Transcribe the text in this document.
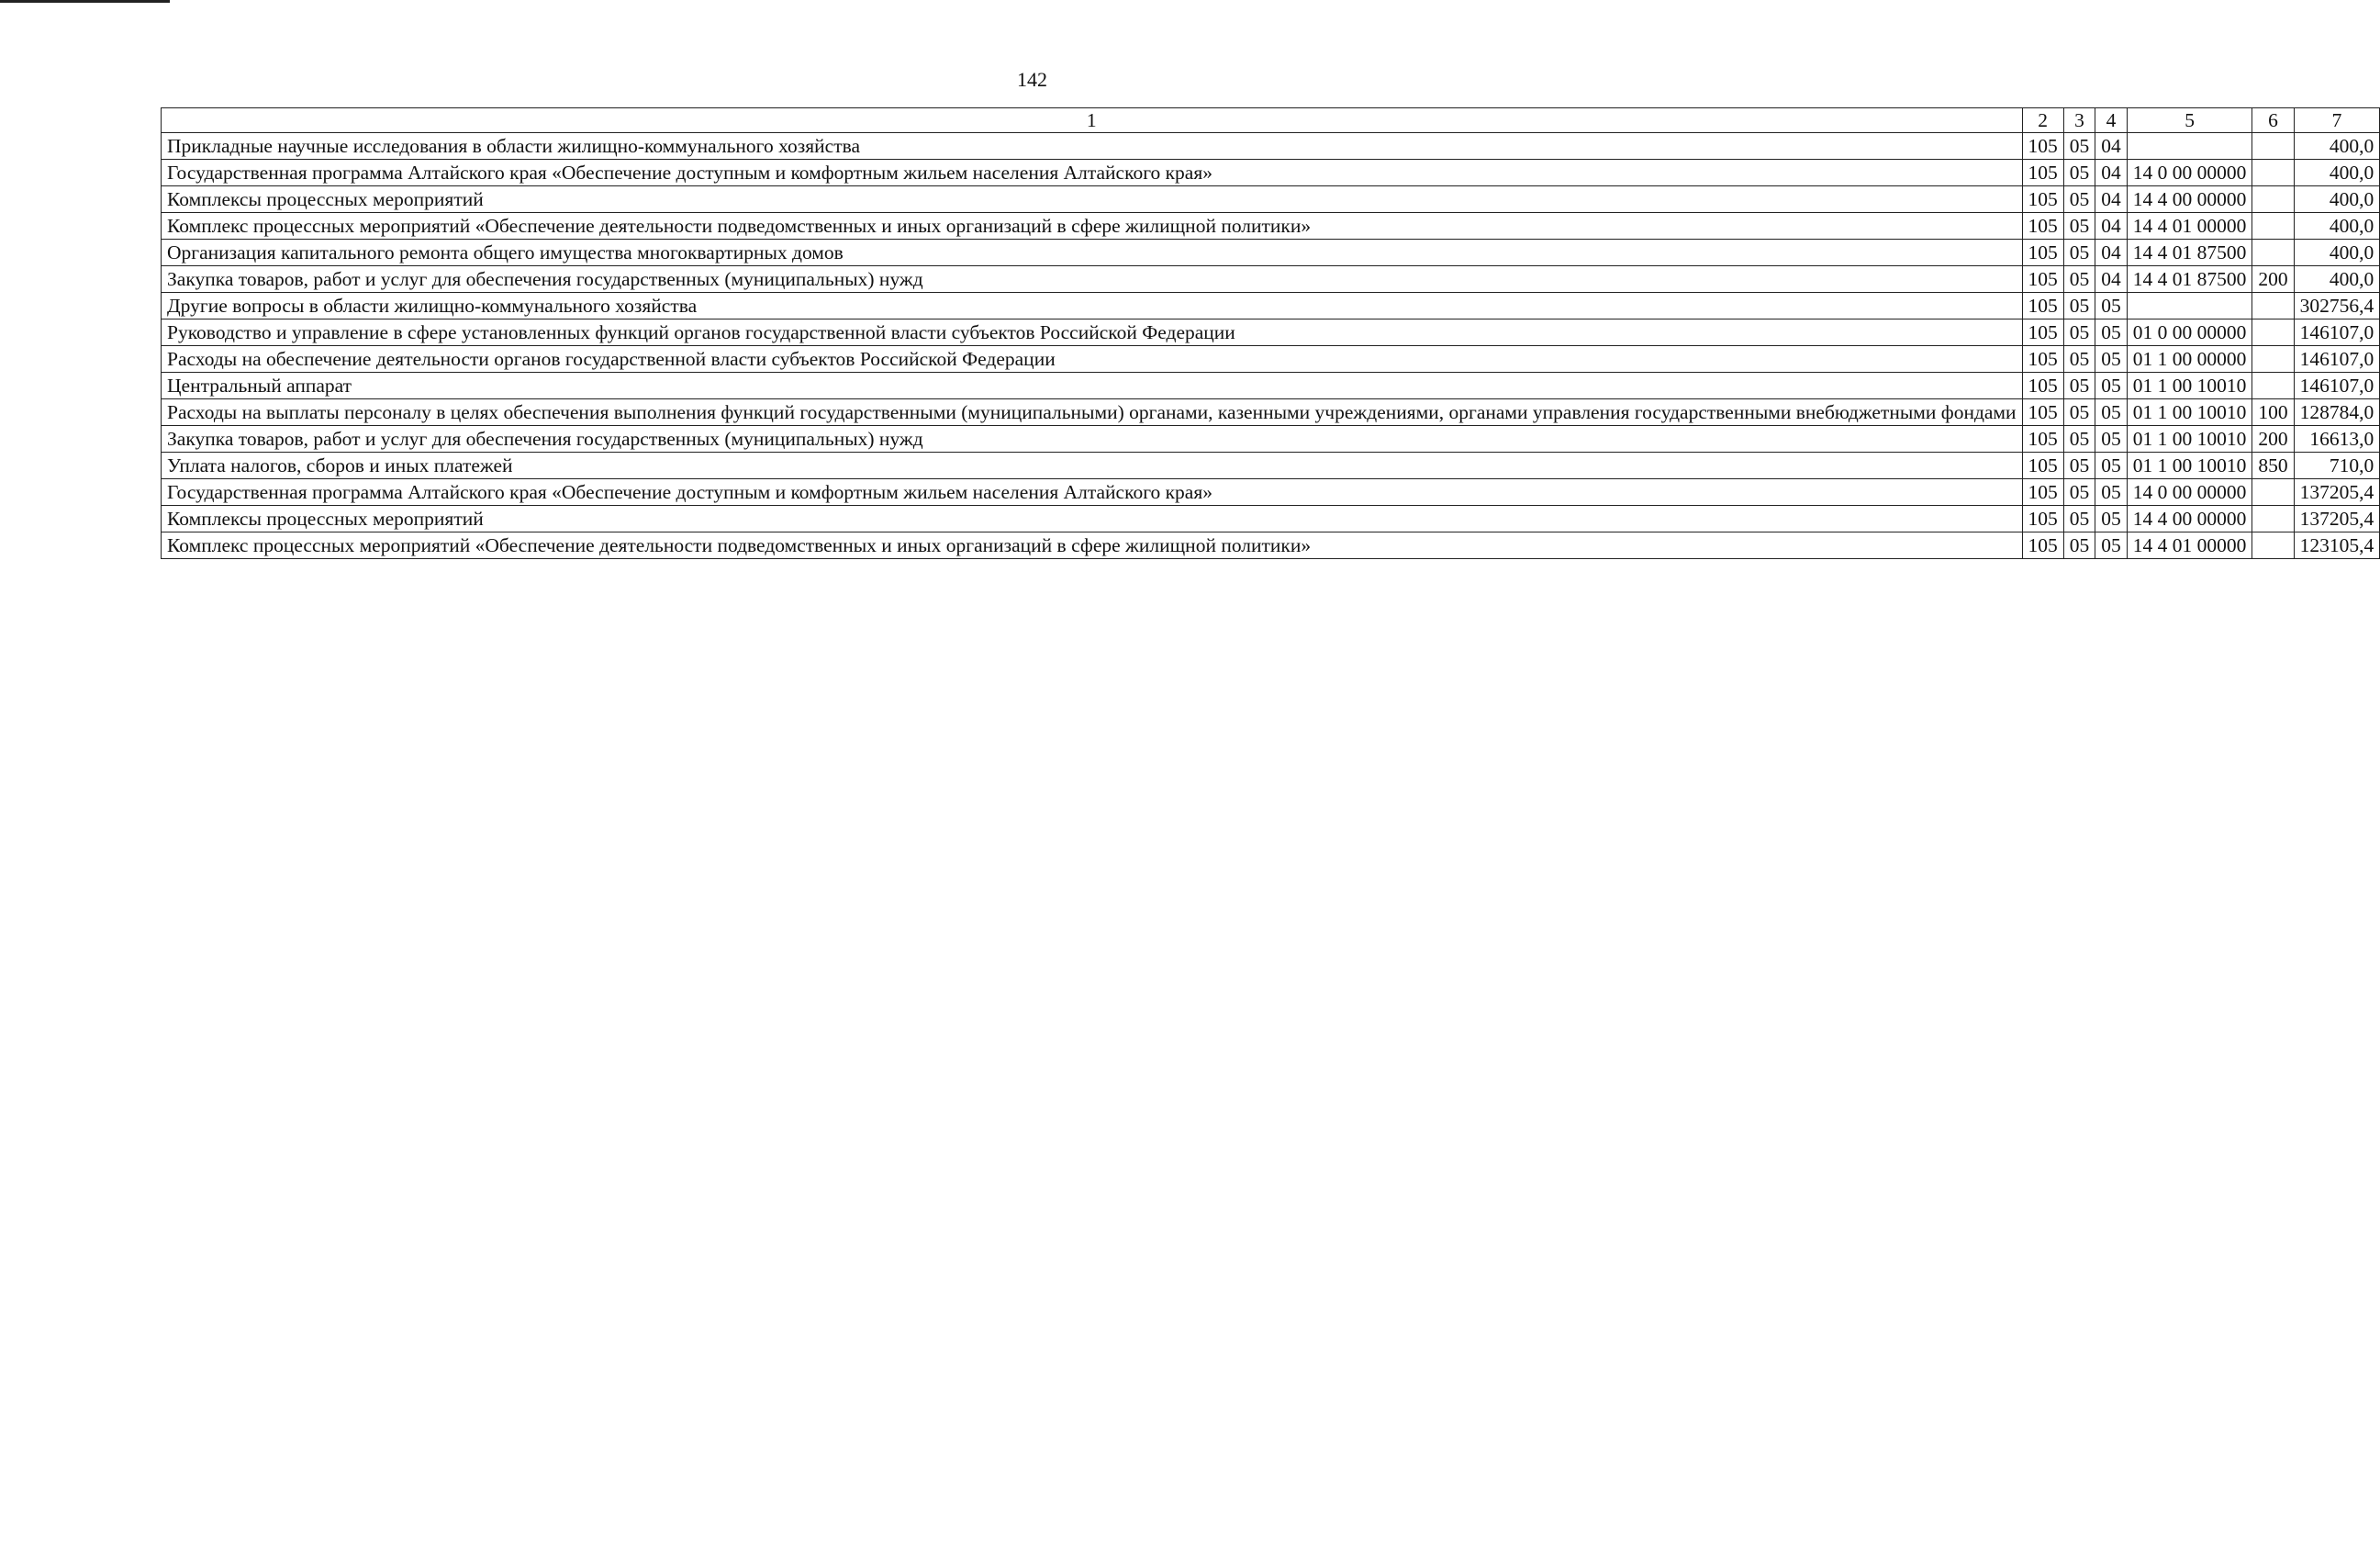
142
1	2	3	4	5	6	7
Прикладные научные исследования в области жилищно-коммунального хозяйства	105	05	04			400,0
Государственная программа Алтайского края «Обеспечение доступным и комфортным жильем населения Алтайского края»	105	05	04	14 0 00 00000		400,0
Комплексы процессных мероприятий	105	05	04	14 4 00 00000		400,0
Комплекс процессных мероприятий «Обеспечение деятельности подведомственных и иных организаций в сфере жилищной политики»	105	05	04	14 4 01 00000		400,0
Организация капитального ремонта общего имущества многоквартирных домов	105	05	04	14 4 01 87500		400,0
Закупка товаров, работ и услуг для обеспечения государственных (муниципальных) нужд	105	05	04	14 4 01 87500	200	400,0
Другие вопросы в области жилищно-коммунального хозяйства	105	05	05			302756,4
Руководство и управление в сфере установленных функций органов государственной власти субъектов Российской Федерации	105	05	05	01 0 00 00000		146107,0
Расходы на обеспечение деятельности органов государственной власти субъектов Российской Федерации	105	05	05	01 1 00 00000		146107,0
Центральный аппарат	105	05	05	01 1 00 10010		146107,0
Расходы на выплаты персоналу в целях обеспечения выполнения функций государственными (муниципальными) органами, казенными учреждениями, органами управления государственными внебюджетными фондами	105	05	05	01 1 00 10010	100	128784,0
Закупка товаров, работ и услуг для обеспечения государственных (муниципальных) нужд	105	05	05	01 1 00 10010	200	16613,0
Уплата налогов, сборов и иных платежей	105	05	05	01 1 00 10010	850	710,0
Государственная программа Алтайского края «Обеспечение доступным и комфортным жильем населения Алтайского края»	105	05	05	14 0 00 00000		137205,4
Комплексы процессных мероприятий	105	05	05	14 4 00 00000		137205,4
Комплекс процессных мероприятий «Обеспечение деятельности подведомственных и иных организаций в сфере жилищной политики»	105	05	05	14 4 01 00000		123105,4
